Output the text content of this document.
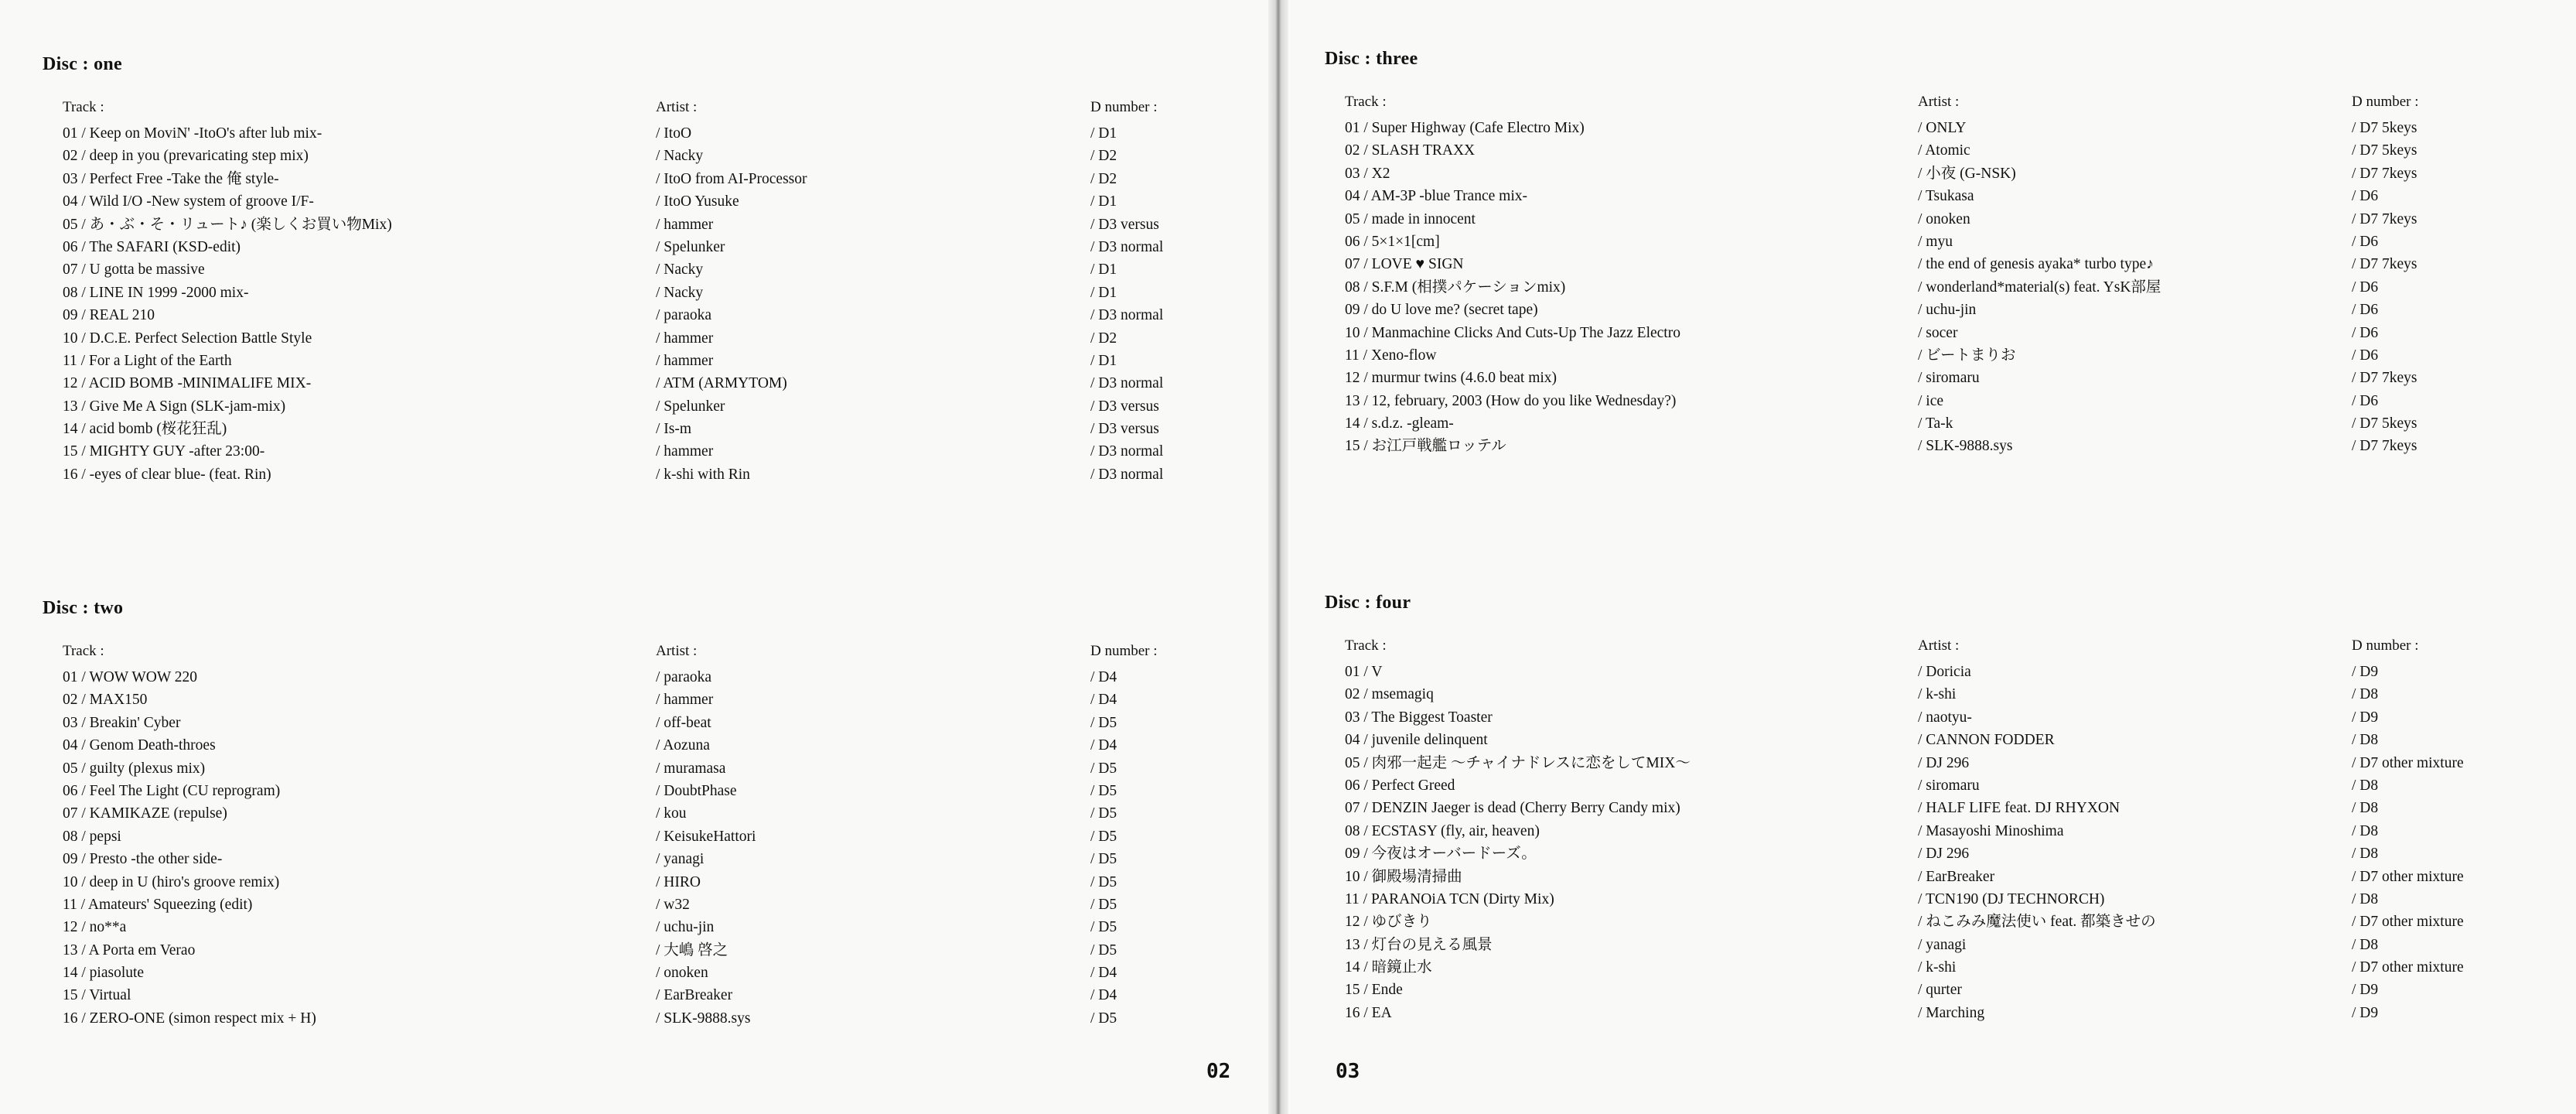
Disc : one
Track :	Artist :	D number :
01 / Keep on MoviN' -ItoO's after lub mix-	/ ItoO	/ D1
02 / deep in you (prevaricating step mix)	/ Nacky	/ D2
03 / Perfect Free -Take the 俺 style-	/ ItoO from AI-Processor	/ D2
04 / Wild I/O -New system of groove I/F-	/ ItoO Yusuke	/ D1
05 / あ・ぶ・そ・リュート♪ (楽しくお買い物Mix)	/ hammer	/ D3 versus
06 / The SAFARI (KSD-edit)	/ Spelunker	/ D3 normal
07 / U gotta be massive	/ Nacky	/ D1
08 / LINE IN 1999 -2000 mix-	/ Nacky	/ D1
09 / REAL 210	/ paraoka	/ D3 normal
10 / D.C.E. Perfect Selection Battle Style	/ hammer	/ D2
11 / For a Light of the Earth	/ hammer	/ D1
12 / ACID BOMB -MINIMALIFE MIX-	/ ATM (ARMYTOM)	/ D3 normal
13 / Give Me A Sign (SLK-jam-mix)	/ Spelunker	/ D3 versus
14 / acid bomb (桜花狂乱)	/ Is-m	/ D3 versus
15 / MIGHTY GUY -after 23:00-	/ hammer	/ D3 normal
16 / -eyes of clear blue- (feat. Rin)	/ k-shi with Rin	/ D3 normal
Disc : two
Track :	Artist :	D number :
01 / WOW WOW 220	/ paraoka	/ D4
02 / MAX150	/ hammer	/ D4
03 / Breakin' Cyber	/ off-beat	/ D5
04 / Genom Death-throes	/ Aozuna	/ D4
05 / guilty (plexus mix)	/ muramasa	/ D5
06 / Feel The Light (CU reprogram)	/ DoubtPhase	/ D5
07 / KAMIKAZE (repulse)	/ kou	/ D5
08 / pepsi	/ KeisukeHattori	/ D5
09 / Presto -the other side-	/ yanagi	/ D5
10 / deep in U (hiro's groove remix)	/ HIRO	/ D5
11 / Amateurs' Squeezing (edit)	/ w32	/ D5
12 / no**a	/ uchu-jin	/ D5
13 / A Porta em Verao	/ 大嶋 啓之	/ D5
14 / piasolute	/ onoken	/ D4
15 / Virtual	/ EarBreaker	/ D4
16 / ZERO-ONE (simon respect mix + H)	/ SLK-9888.sys	/ D5
Disc : three
Track :	Artist :	D number :
01 / Super Highway (Cafe Electro Mix)	/ ONLY	/ D7 5keys
02 / SLASH TRAXX	/ Atomic	/ D7 5keys
03 / X2	/ 小夜 (G-NSK)	/ D7 7keys
04 / AM-3P -blue Trance mix-	/ Tsukasa	/ D6
05 / made in innocent	/ onoken	/ D7 7keys
06 / 5×1×1[cm]	/ myu	/ D6
07 / LOVE ♥ SIGN	/ the end of genesis ayaka* turbo type♪	/ D7 7keys
08 / S.F.M (相撲パケーションmix)	/ wonderland*material(s) feat. YsK部屋	/ D6
09 / do U love me? (secret tape)	/ uchu-jin	/ D6
10 / Manmachine Clicks And Cuts-Up The Jazz Electro	/ socer	/ D6
11 / Xeno-flow	/ ビートまりお	/ D6
12 / murmur twins (4.6.0 beat mix)	/ siromaru	/ D7 7keys
13 / 12, february, 2003 (How do you like Wednesday?)	/ ice	/ D6
14 / s.d.z. -gleam-	/ Ta-k	/ D7 5keys
15 / お江戸戦艦ロッテル	/ SLK-9888.sys	/ D7 7keys
Disc : four
Track :	Artist :	D number :
01 / V	/ Doricia	/ D9
02 / msemagiq	/ k-shi	/ D8
03 / The Biggest Toaster	/ naotyu-	/ D9
04 / juvenile delinquent	/ CANNON FODDER	/ D8
05 / 肉邪一起走 ～チャイナドレスに恋をしてMIX～	/ DJ 296	/ D7 other mixture
06 / Perfect Greed	/ siromaru	/ D8
07 / DENZIN Jaeger is dead (Cherry Berry Candy mix)	/ HALF LIFE feat. DJ RHYXON	/ D8
08 / ECSTASY (fly, air, heaven)	/ Masayoshi Minoshima	/ D8
09 / 今夜はオーバードーズ。	/ DJ 296	/ D8
10 / 御殿場清掃曲	/ EarBreaker	/ D7 other mixture
11 / PARANOiA TCN (Dirty Mix)	/ TCN190 (DJ TECHNORCH)	/ D8
12 / ゆびきり	/ ねこみみ魔法使い feat. 都築きせの	/ D7 other mixture
13 / 灯台の見える風景	/ yanagi	/ D8
14 / 暗鏡止水	/ k-shi	/ D7 other mixture
15 / Ende	/ qurter	/ D9
16 / EA	/ Marching	/ D9
02	03
